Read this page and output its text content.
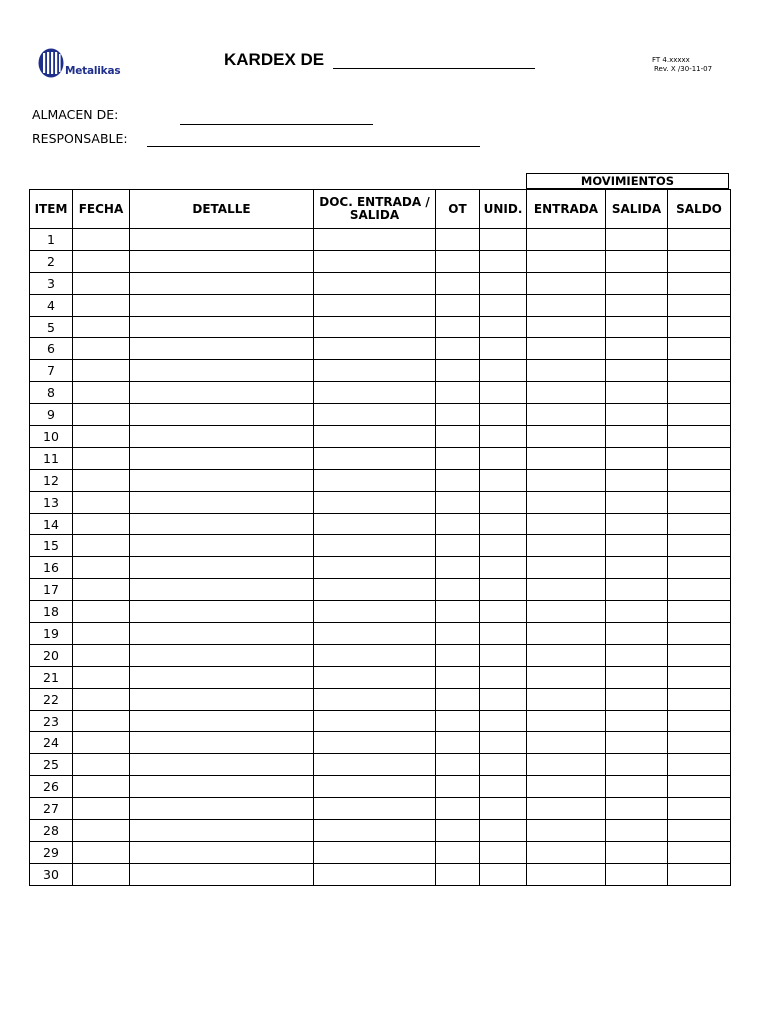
Metalikas
KARDEX DE	FT 4.xxxxx
Rev. X /30-11-07
ALMACEN DE:
RESPONSABLE:
MOVIMIENTOS
ITEM	FECHA	DETALLE	DOC. ENTRADA / SALIDA	OT	UNID.	ENTRADA	SALIDA	SALDO
1								
2								
3								
4								
5								
6								
7								
8								
9								
10								
11								
12								
13								
14								
15								
16								
17								
18								
19								
20								
21								
22								
23								
24								
25								
26								
27								
28								
29								
30								
